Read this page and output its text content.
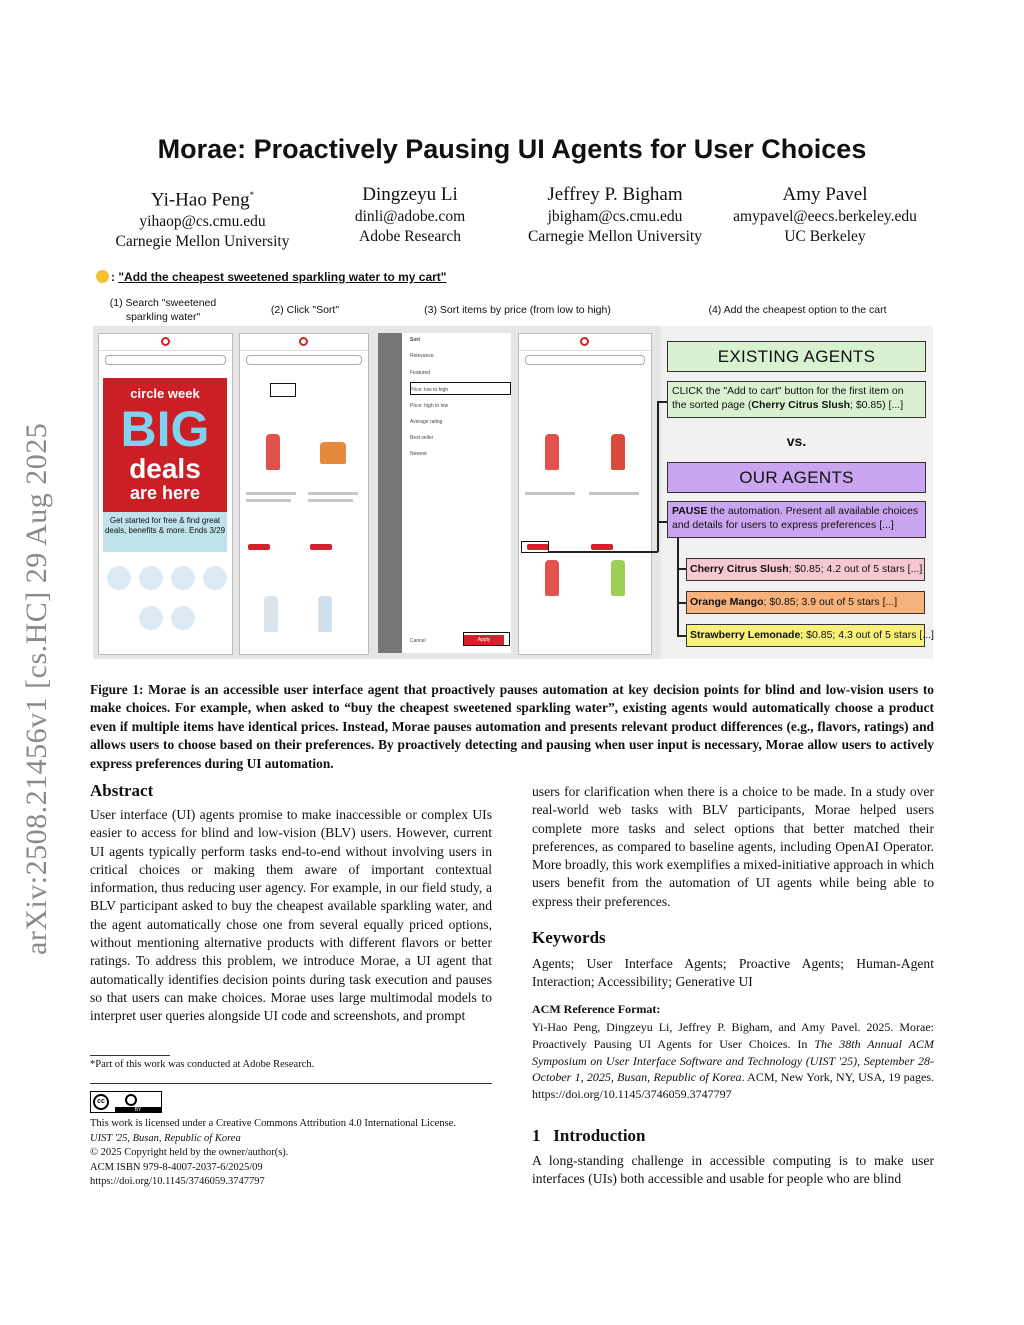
arXiv:2508.21456v1 [cs.HC] 29 Aug 2025
Morae: Proactively Pausing UI Agents for User Choices
Yi-Hao Peng*
yihaop@cs.cmu.edu
Carnegie Mellon University
Dingzeyu Li
dinli@adobe.com
Adobe Research
Jeffrey P. Bigham
jbigham@cs.cmu.edu
Carnegie Mellon University
Amy Pavel
amypavel@eecs.berkeley.edu
UC Berkeley
: "Add the cheapest sweetened sparkling water to my cart"
(1) Search "sweetened sparkling water"
(2) Click "Sort"	(3) Sort items by price (from low to high)	(4) Add the cheapest option to the cart
circle week
BIG
deals
are here
Get started for free & find great deals, benefits & more. Ends 3/29
Sort
Relevance
Featured
Price: low to high
Price: high to low
Average rating
Best seller
Newest
Cancel	Apply
EXISTING AGENTS
CLICK the "Add to cart" button for the first item on the sorted page (Cherry Citrus Slush; $0.85) [...]
vs.
OUR AGENTS
PAUSE the automation. Present all available choices and details for users to express preferences [...]
Cherry Citrus Slush; $0.85; 4.2 out of 5 stars [...]
Orange Mango; $0.85; 3.9 out of 5 stars [...]
Strawberry Lemonade; $0.85; 4.3 out of 5 stars [...]
Figure 1: Morae is an accessible user interface agent that proactively pauses automation at key decision points for blind and low-vision users to make choices. For example, when asked to “buy the cheapest sweetened sparkling water”, existing agents would automatically choose a product even if multiple items have identical prices. Instead, Morae pauses automation and presents relevant product differences (e.g., flavors, ratings) and allows users to choose based on their preferences. By proactively detecting and pausing when user input is necessary, Morae allow users to actively express preferences during UI automation.
Abstract
User interface (UI) agents promise to make inaccessible or complex UIs easier to access for blind and low-vision (BLV) users. However, current UI agents typically perform tasks end-to-end without involving users in critical choices or making them aware of important contextual information, thus reducing user agency. For example, in our field study, a BLV participant asked to buy the cheapest available sparkling water, and the agent automatically chose one from several equally priced options, without mentioning alternative products with different flavors or better ratings. To address this problem, we introduce Morae, a UI agent that automatically identifies decision points during task execution and pauses so that users can make choices. Morae uses large multimodal models to interpret user queries alongside UI code and screenshots, and prompt
*Part of this work was conducted at Adobe Research.
cc
BY
This work is licensed under a Creative Commons Attribution 4.0 International License.
UIST '25, Busan, Republic of Korea
© 2025 Copyright held by the owner/author(s).
ACM ISBN 979-8-4007-2037-6/2025/09
https://doi.org/10.1145/3746059.3747797
users for clarification when there is a choice to be made. In a study over real-world web tasks with BLV participants, Morae helped users complete more tasks and select options that better matched their preferences, as compared to baseline agents, including OpenAI Operator. More broadly, this work exemplifies a mixed-initiative approach in which users benefit from the automation of UI agents while being able to express their preferences.
Keywords
Agents; User Interface Agents; Proactive Agents; Human-Agent Interaction; Accessibility; Generative UI
ACM Reference Format:
Yi-Hao Peng, Dingzeyu Li, Jeffrey P. Bigham, and Amy Pavel. 2025. Morae: Proactively Pausing UI Agents for User Choices. In The 38th Annual ACM Symposium on User Interface Software and Technology (UIST '25), September 28-October 1, 2025, Busan, Republic of Korea. ACM, New York, NY, USA, 19 pages. https://doi.org/10.1145/3746059.3747797
1 Introduction
A long-standing challenge in accessible computing is to make user interfaces (UIs) both accessible and usable for people who are blind
